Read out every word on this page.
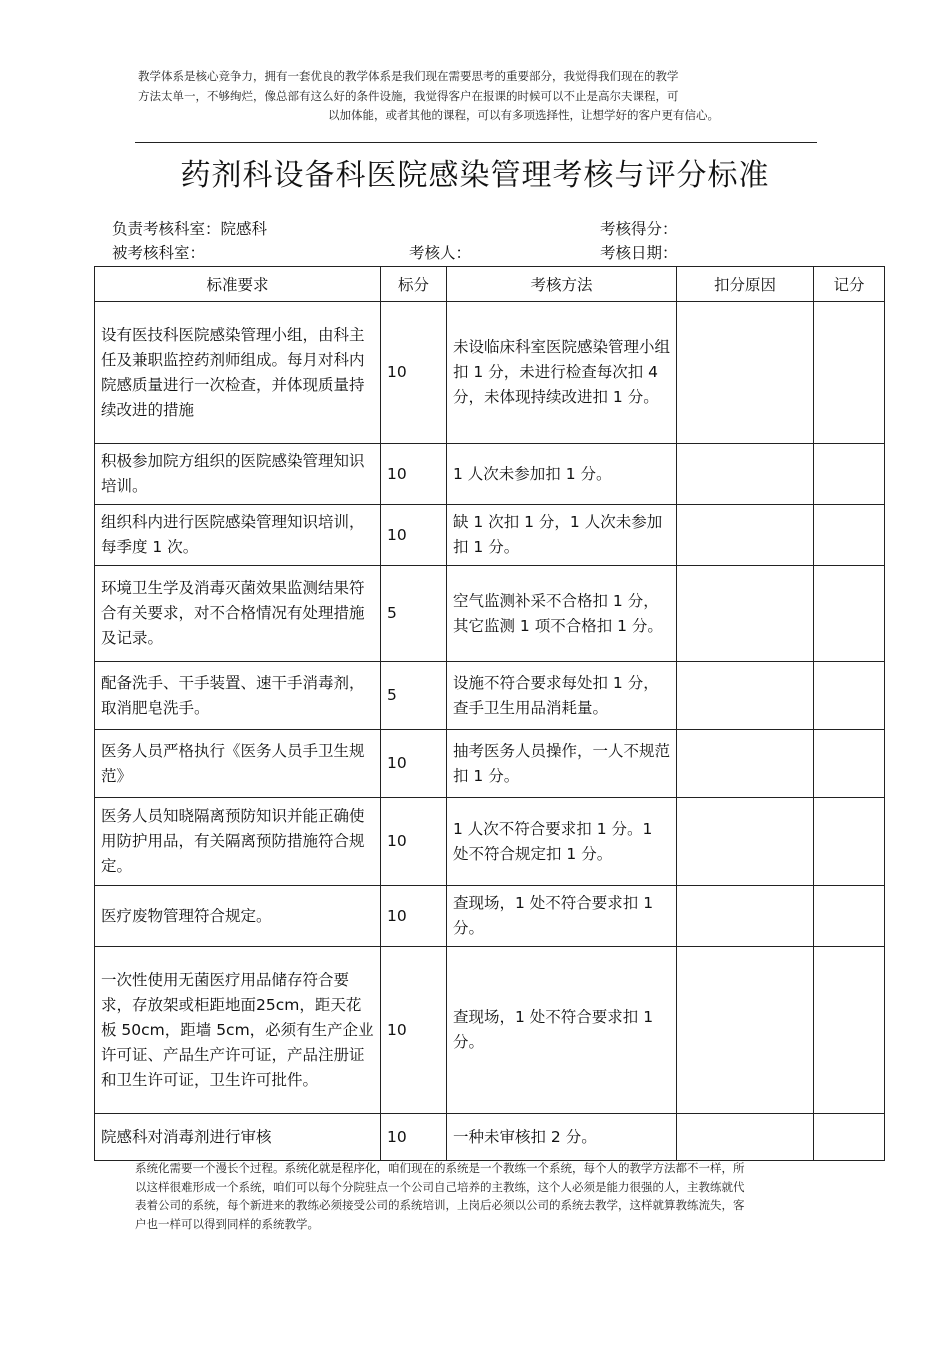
教学体系是核心竞争力，拥有一套优良的教学体系是我们现在需要思考的重要部分，我觉得我们现在的教学
方法太单一，不够绚烂，像总部有这么好的条件设施，我觉得客户在报课的时候可以不止是高尔夫课程，可
以加体能，或者其他的课程，可以有多项选择性，让想学好的客户更有信心。
药剂科设备科医院感染管理考核与评分标准
负责考核科室：院感科	考核得分：
被考核科室：	考核人：	考核日期：
标准要求	标分	考核方法	扣分原因	记分
设有医技科医院感染管理小组，由科主任及兼职监控药剂师组成。每月对科内院感质量进行一次检查，并体现质量持续改进的措施	10	未设临床科室医院感染管理小组扣 1 分，未进行检查每次扣 4 分，未体现持续改进扣 1 分。		
积极参加院方组织的医院感染管理知识培训。	10	1 人次未参加扣 1 分。		
组织科内进行医院感染管理知识培训，每季度 1 次。	10	缺 1 次扣 1 分，1 人次未参加扣 1 分。		
环境卫生学及消毒灭菌效果监测结果符合有关要求，对不合格情况有处理措施及记录。	5	空气监测补采不合格扣 1 分，其它监测 1 项不合格扣 1 分。		
配备洗手、干手装置、速干手消毒剂，取消肥皂洗手。	5	设施不符合要求每处扣 1 分，查手卫生用品消耗量。		
医务人员严格执行《医务人员手卫生规范》	10	抽考医务人员操作，一人不规范扣 1 分。		
医务人员知晓隔离预防知识并能正确使用防护用品，有关隔离预防措施符合规定。	10	1 人次不符合要求扣 1 分。1 处不符合规定扣 1 分。		
医疗废物管理符合规定。	10	查现场，1 处不符合要求扣 1 分。		
一次性使用无菌医疗用品储存符合要求，存放架或柜距地面25cm，距天花板 50cm，距墙 5cm，必须有生产企业许可证、产品生产许可证，产品注册证和卫生许可证，卫生许可批件。	10	查现场，1 处不符合要求扣 1 分。		
院感科对消毒剂进行审核	10	一种未审核扣 2 分。		
系统化需要一个漫长个过程。系统化就是程序化，咱们现在的系统是一个教练一个系统，每个人的教学方法都不一样，所以这样很难形成一个系统，咱们可以每个分院驻点一个公司自己培养的主教练，这个人必须是能力很强的人，主教练就代表着公司的系统，每个新进来的教练必须接受公司的系统培训，上岗后必须以公司的系统去教学，这样就算教练流失，客户也一样可以得到同样的系统教学。
